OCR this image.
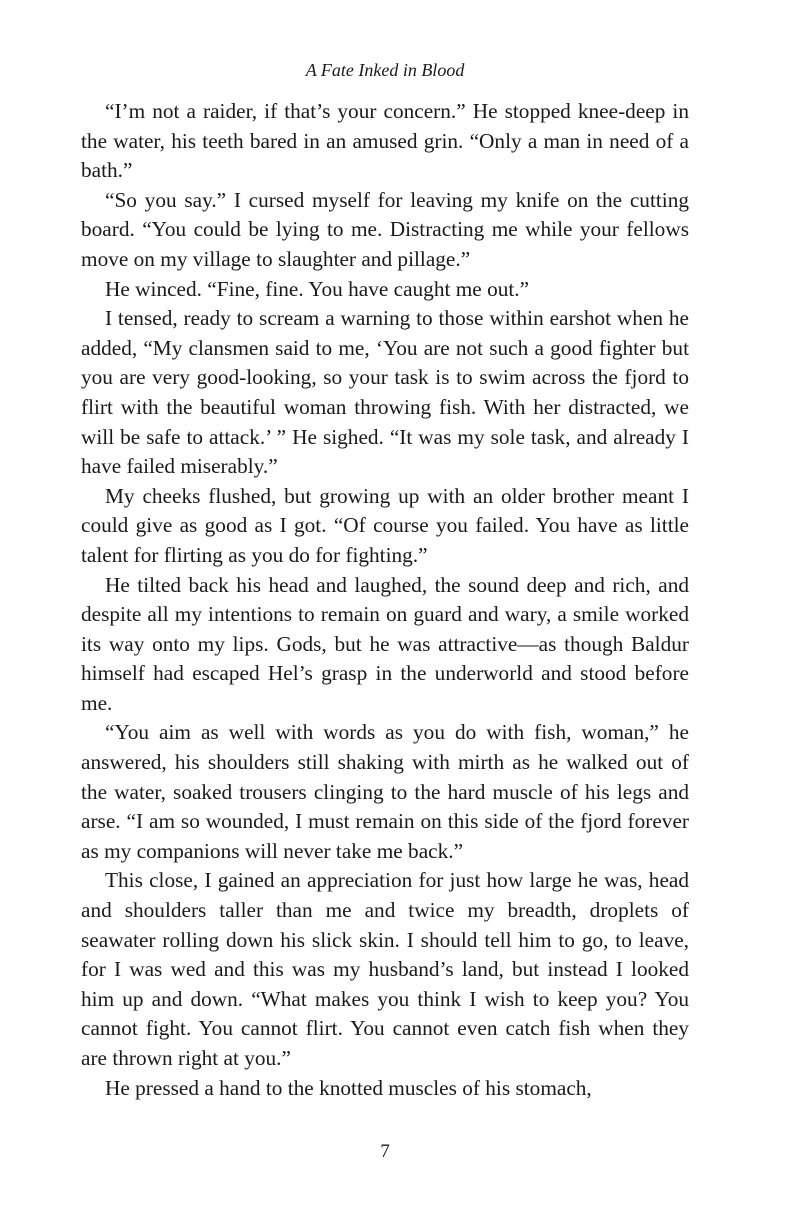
A Fate Inked in Blood

“I’m not a raider, if that’s your concern.” He stopped knee-deep in the water, his teeth bared in an amused grin. “Only a man in need of a bath.”

“So you say.” I cursed myself for leaving my knife on the cutting board. “You could be lying to me. Distracting me while your fellows move on my village to slaughter and pillage.”

He winced. “Fine, fine. You have caught me out.”

I tensed, ready to scream a warning to those within earshot when he added, “My clansmen said to me, ‘You are not such a good fighter but you are very good-looking, so your task is to swim across the fjord to flirt with the beautiful woman throwing fish. With her distracted, we will be safe to attack.’ ” He sighed. “It was my sole task, and already I have failed miserably.”

My cheeks flushed, but growing up with an older brother meant I could give as good as I got. “Of course you failed. You have as little talent for flirting as you do for fighting.”

He tilted back his head and laughed, the sound deep and rich, and despite all my intentions to remain on guard and wary, a smile worked its way onto my lips. Gods, but he was attractive—as though Baldur himself had escaped Hel’s grasp in the underworld and stood before me.

“You aim as well with words as you do with fish, woman,” he answered, his shoulders still shaking with mirth as he walked out of the water, soaked trousers clinging to the hard muscle of his legs and arse. “I am so wounded, I must remain on this side of the fjord forever as my companions will never take me back.”

This close, I gained an appreciation for just how large he was, head and shoulders taller than me and twice my breadth, droplets of seawater rolling down his slick skin. I should tell him to go, to leave, for I was wed and this was my husband’s land, but instead I looked him up and down. “What makes you think I wish to keep you? You cannot fight. You cannot flirt. You cannot even catch fish when they are thrown right at you.”

He pressed a hand to the knotted muscles of his stomach,

7
